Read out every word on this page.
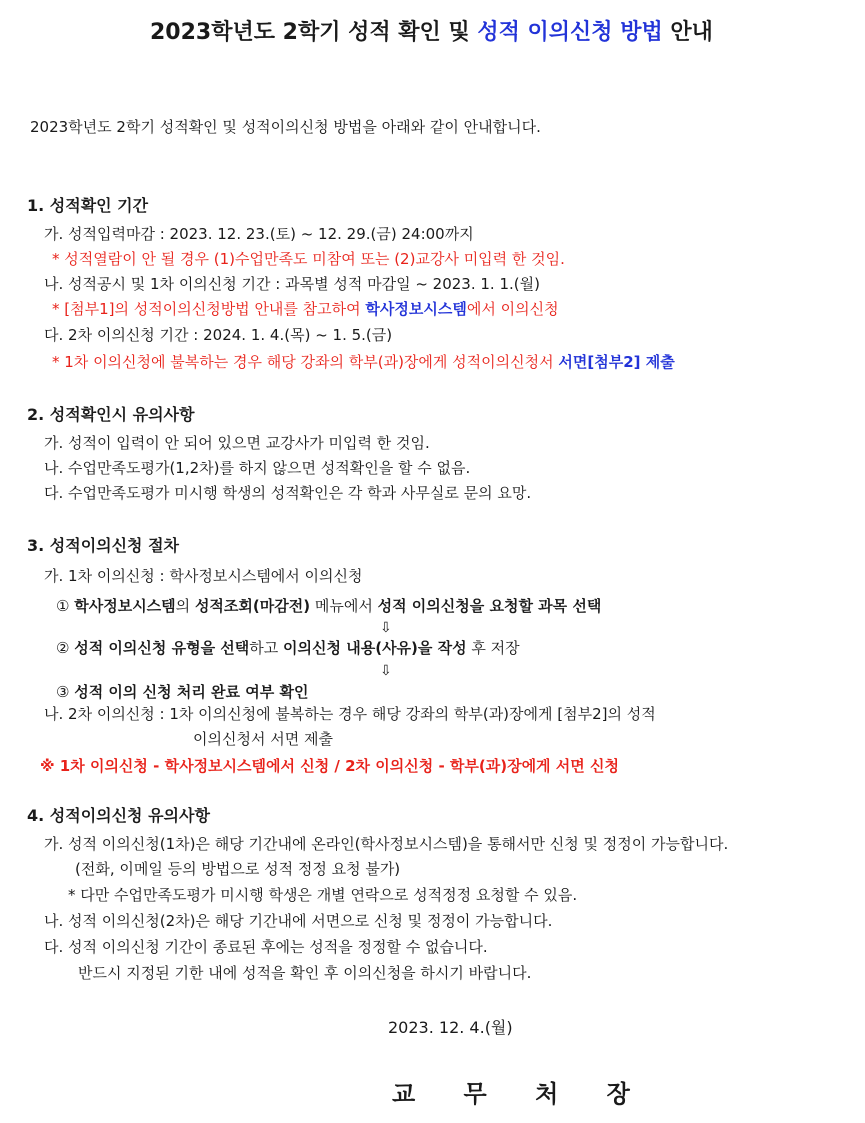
2023학년도 2학기 성적 확인 및 성적 이의신청 방법 안내
2023학년도 2학기 성적확인 및 성적이의신청 방법을 아래와 같이 안내합니다.
1. 성적확인 기간
가. 성적입력마감 : 2023. 12. 23.(토) ~ 12. 29.(금) 24:00까지
* 성적열람이 안 될 경우 (1)수업만족도 미참여 또는 (2)교강사 미입력 한 것임.
나. 성적공시 및 1차 이의신청 기간 : 과목별 성적 마감일 ~ 2023. 1. 1.(월)
* [첨부1]의 성적이의신청방법 안내를 참고하여 학사정보시스템에서 이의신청
다. 2차 이의신청 기간 : 2024. 1. 4.(목) ~ 1. 5.(금)
* 1차 이의신청에 불복하는 경우 해당 강좌의 학부(과)장에게 성적이의신청서 서면[첨부2] 제출
2. 성적확인시 유의사항
가. 성적이 입력이 안 되어 있으면 교강사가 미입력 한 것임.
나. 수업만족도평가(1,2차)를 하지 않으면 성적확인을 할 수 없음.
다. 수업만족도평가 미시행 학생의 성적확인은 각 학과 사무실로 문의 요망.
3. 성적이의신청 절차
가. 1차 이의신청 : 학사정보시스템에서 이의신청
① 학사정보시스템의 성적조회(마감전) 메뉴에서 성적 이의신청을 요청할 과목 선택
⇩
② 성적 이의신청 유형을 선택하고 이의신청 내용(사유)을 작성 후 저장
⇩
③ 성적 이의 신청 처리 완료 여부 확인
나. 2차 이의신청 : 1차 이의신청에 불복하는 경우 해당 강좌의 학부(과)장에게 [첨부2]의 성적
이의신청서 서면 제출
※ 1차 이의신청 - 학사정보시스템에서 신청 / 2차 이의신청 - 학부(과)장에게 서면 신청
4. 성적이의신청 유의사항
가. 성적 이의신청(1차)은 해당 기간내에 온라인(학사정보시스템)을 통해서만 신청 및 정정이 가능합니다.
(전화, 이메일 등의 방법으로 성적 정정 요청 불가)
* 다만 수업만족도평가 미시행 학생은 개별 연락으로 성적정정 요청할 수 있음.
나. 성적 이의신청(2차)은 해당 기간내에 서면으로 신청 및 정정이 가능합니다.
다. 성적 이의신청 기간이 종료된 후에는 성적을 정정할 수 없습니다.
반드시 지정된 기한 내에 성적을 확인 후 이의신청을 하시기 바랍니다.
2023. 12. 4.(월)
교 무 처 장
